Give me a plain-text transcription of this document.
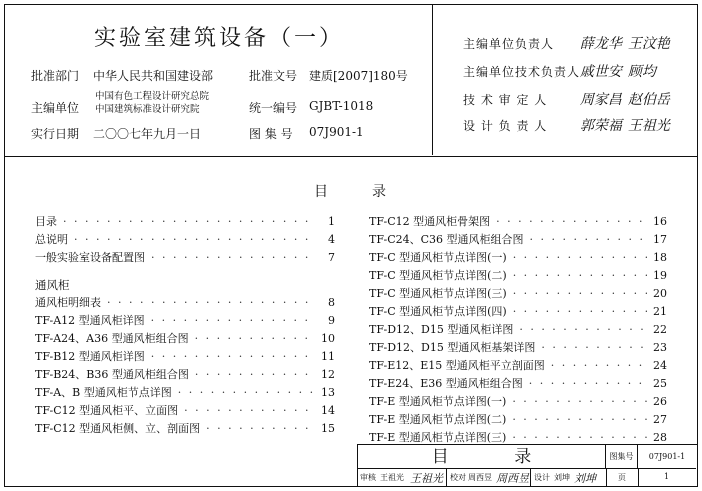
实验室建筑设备（一）
批准部门 中华人民共和国建设部	批准文号 建质[2007]180号
主编单位
中国有色工程设计研究总院
中国建筑标准设计研究院	统一编号 GJBT-1018
实行日期 二〇〇七年九月一日	图 集 号 07J901-1
主编单位负责人 薛龙华 王汶艳
主编单位技术负责人 戚世安 顾均
技 术 审 定 人 周家昌 赵伯岳
设 计 负 责 人 郭荣福 王祖光
目	录
目录 · · ·	1
总说明 · · ·	4
一般实验室设备配置图 · · ·	7
通风柜
通风柜明细表 · · ·	8
TF-A12 型通风柜详图 · · ·	9
TF-A24、A36 型通风柜组合图 · · ·	10
TF-B12 型通风柜详图 · · ·	11
TF-B24、B36 型通风柜组合图 · · ·	12
TF-A、B 型通风柜节点详图 · · ·	13
TF-C12 型通风柜平、立面图 · · ·	14
TF-C12 型通风柜侧、立、剖面图 · · ·	15
TF-C12 型通风柜骨架图 · · ·	16
TF-C24、C36 型通风柜组合图 · · ·	17
TF-C 型通风柜节点详图(一) · · ·	18
TF-C 型通风柜节点详图(二) · · ·	19
TF-C 型通风柜节点详图(三) · · ·	20
TF-C 型通风柜节点详图(四) · · ·	21
TF-D12、D15 型通风柜详图 · · ·	22
TF-D12、D15 型通风柜基架详图 · · ·	23
TF-E12、E15 型通风柜平立剖面图 · · ·	24
TF-E24、E36 型通风柜组合图 · · ·	25
TF-E 型通风柜节点详图(一) · · ·	26
TF-E 型通风柜节点详图(二) · · ·	27
TF-E 型通风柜节点详图(三) · · ·	28
目 录	图集号	07J901-1
审核 王祖光 王祖光 校对 周西昱 周西昱 设计 刘坤 刘坤	页	1
